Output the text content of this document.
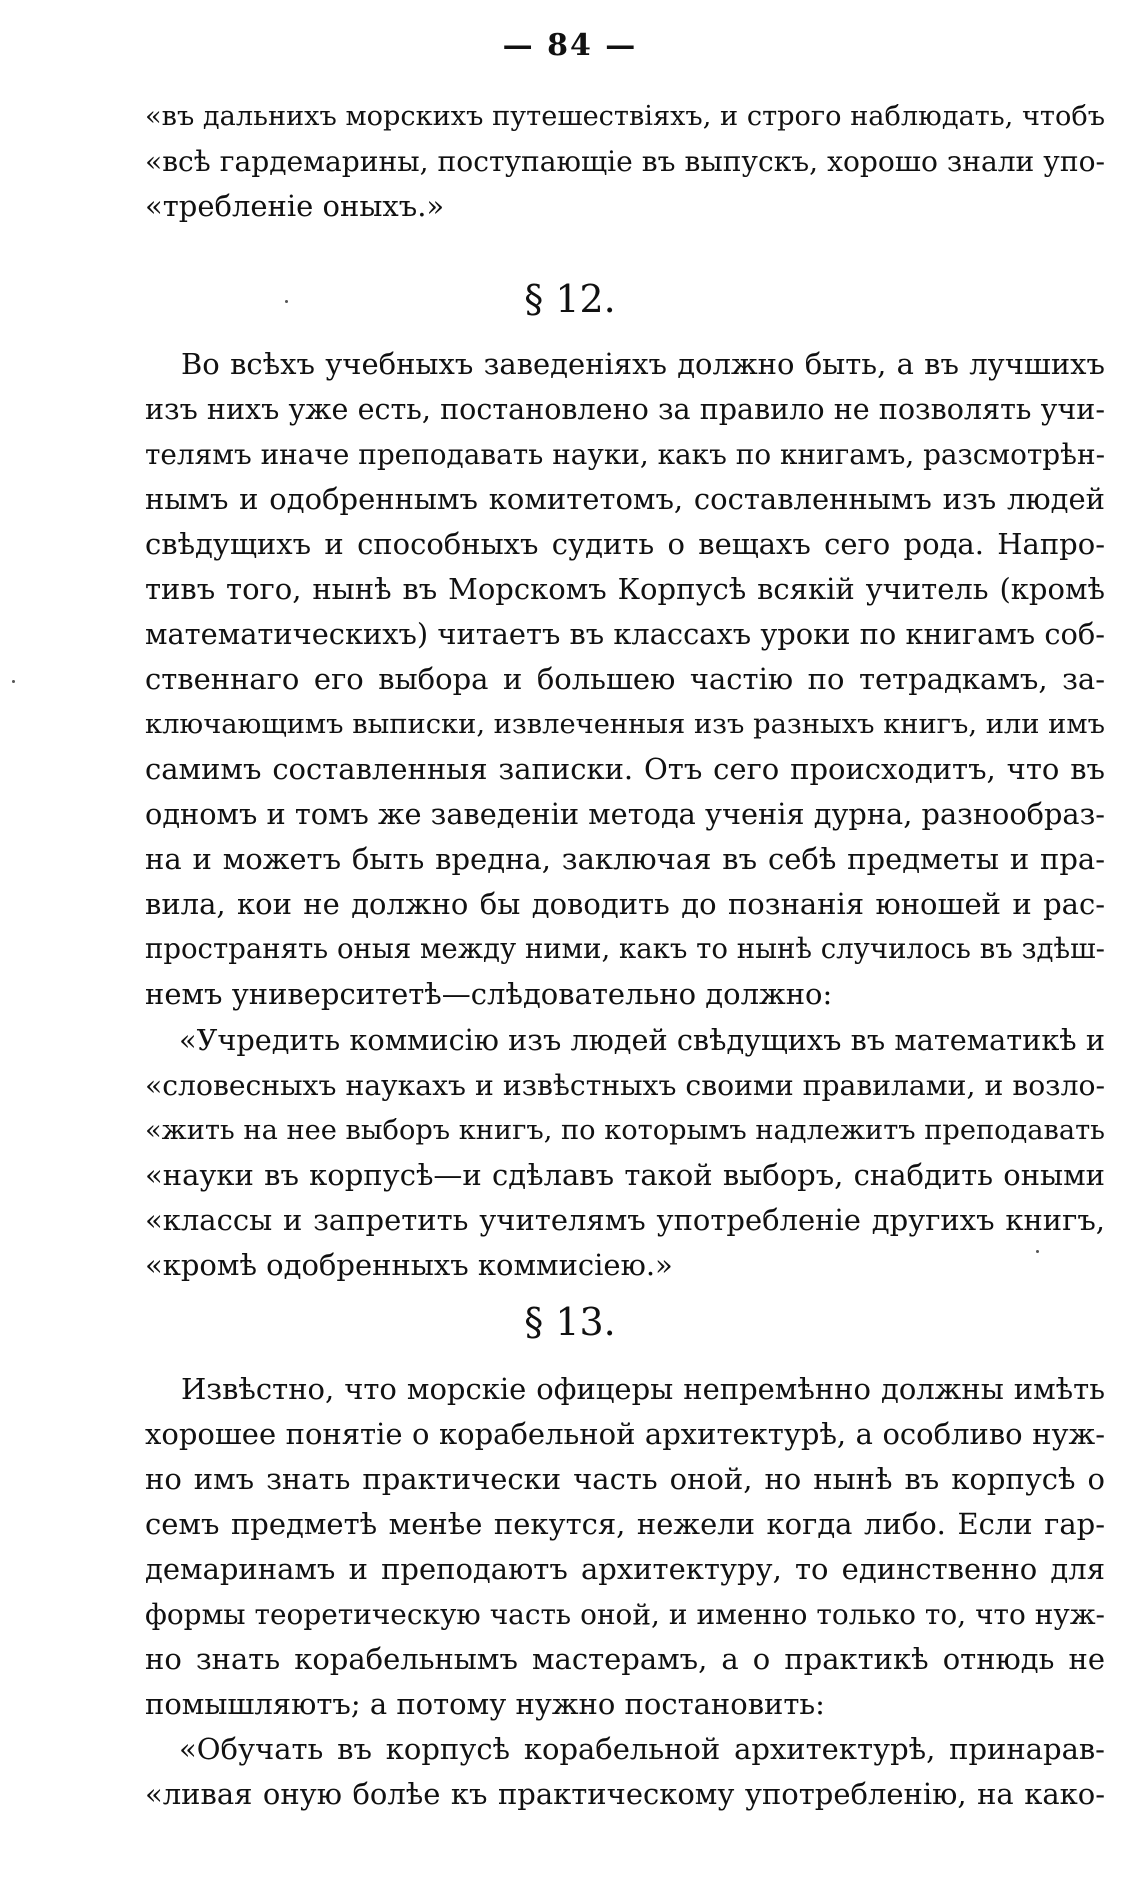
— 84 —
«въ дальнихъ морскихъ путешествіяхъ, и строго наблюдать, чтобъ
«всѣ гардемарины, поступающіе въ выпускъ, хорошо знали упо-
«требленіе оныхъ.»
§ 12.
Во всѣхъ учебныхъ заведеніяхъ должно быть, а въ лучшихъ
изъ нихъ уже есть, постановлено за правило не позволять учи-
телямъ иначе преподавать науки, какъ по книгамъ, разсмотрѣн-
нымъ и одобреннымъ комитетомъ, составленнымъ изъ людей
свѣдущихъ и способныхъ судить о вещахъ сего рода. Напро-
тивъ того, нынѣ въ Морскомъ Корпусѣ всякій учитель (кромѣ
математическихъ) читаетъ въ классахъ уроки по книгамъ соб-
ственнаго его выбора и большею частію по тетрадкамъ, за-
ключающимъ выписки, извлеченныя изъ разныхъ книгъ, или имъ
самимъ составленныя записки. Отъ сего происходитъ, что въ
одномъ и томъ же заведеніи метода ученія дурна, разнообраз-
на и можетъ быть вредна, заключая въ себѣ предметы и пра-
вила, кои не должно бы доводить до познанія юношей и рас-
пространять оныя между ними, какъ то нынѣ случилось въ здѣш-
немъ университетѣ—слѣдовательно должно:
«Учредить коммисію изъ людей свѣдущихъ въ математикѣ и
«словесныхъ наукахъ и извѣстныхъ своими правилами, и возло-
«жить на нее выборъ книгъ, по которымъ надлежитъ преподавать
«науки въ корпусѣ—и сдѣлавъ такой выборъ, снабдить оными
«классы и запретить учителямъ употребленіе другихъ книгъ,
«кромѣ одобренныхъ коммисіею.»
§ 13.
Извѣстно, что морскіе офицеры непремѣнно должны имѣть
хорошее понятіе о корабельной архитектурѣ, а особливо нуж-
но имъ знать практически часть оной, но нынѣ въ корпусѣ о
семъ предметѣ менѣе пекутся, нежели когда либо. Если гар-
демаринамъ и преподаютъ архитектуру, то единственно для
формы теоретическую часть оной, и именно только то, что нуж-
но знать корабельнымъ мастерамъ, а о практикѣ отнюдь не
помышляютъ; а потому нужно постановить:
«Обучать въ корпусѣ корабельной архитектурѣ, принарав-
«ливая оную болѣе къ практическому употребленію, на како-
